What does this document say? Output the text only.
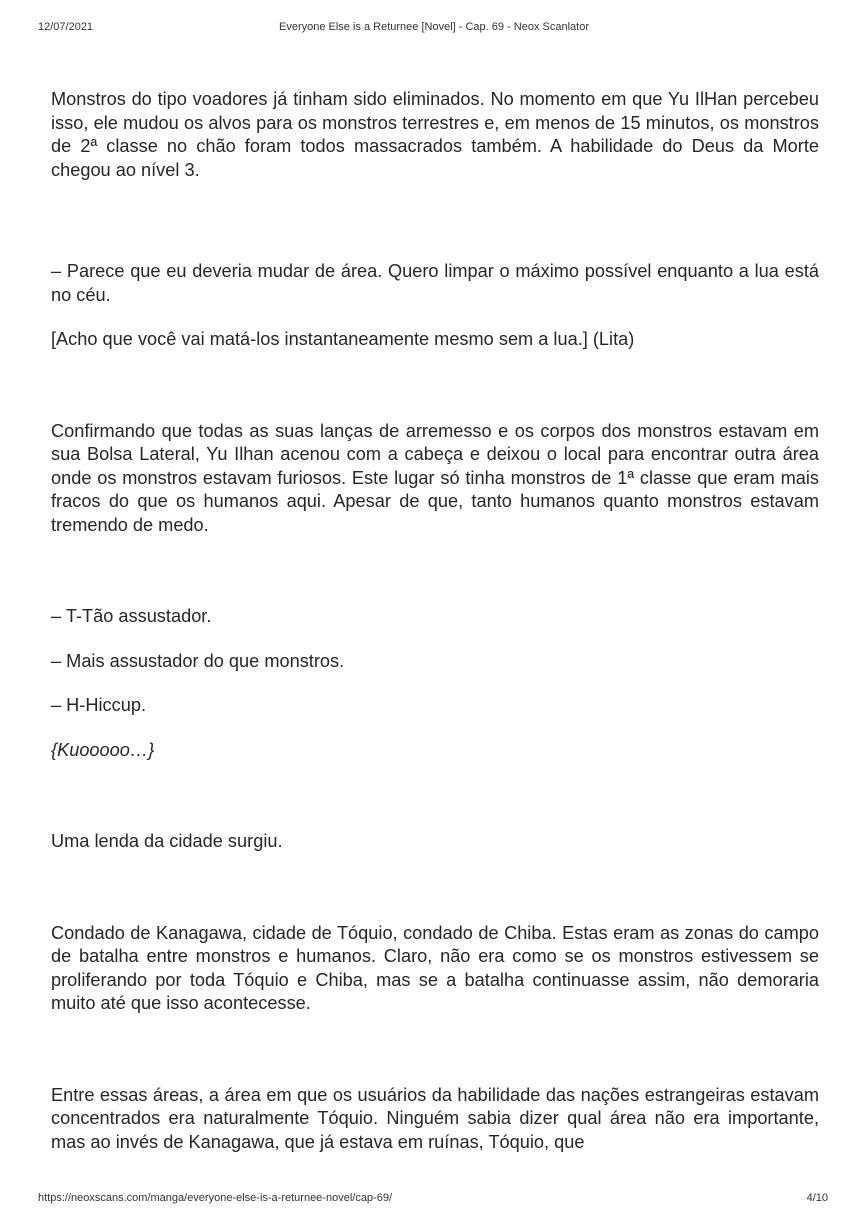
12/07/2021	Everyone Else is a Returnee [Novel] - Cap. 69 - Neox Scanlator

Monstros do tipo voadores já tinham sido eliminados. No momento em que Yu IlHan percebeu isso, ele mudou os alvos para os monstros terrestres e, em menos de 15 minutos, os monstros de 2ª classe no chão foram todos massacrados também. A habilidade do Deus da Morte chegou ao nível 3.

– Parece que eu deveria mudar de área. Quero limpar o máximo possível enquanto a lua está no céu.

[Acho que você vai matá-los instantaneamente mesmo sem a lua.] (Lita)

Confirmando que todas as suas lanças de arremesso e os corpos dos monstros estavam em sua Bolsa Lateral, Yu Ilhan acenou com a cabeça e deixou o local para encontrar outra área onde os monstros estavam furiosos. Este lugar só tinha monstros de 1ª classe que eram mais fracos do que os humanos aqui. Apesar de que, tanto humanos quanto monstros estavam tremendo de medo.

– T-Tão assustador.

– Mais assustador do que monstros.

– H-Hiccup.

{Kuooooo…}

Uma lenda da cidade surgiu.

Condado de Kanagawa, cidade de Tóquio, condado de Chiba. Estas eram as zonas do campo de batalha entre monstros e humanos. Claro, não era como se os monstros estivessem se proliferando por toda Tóquio e Chiba, mas se a batalha continuasse assim, não demoraria muito até que isso acontecesse.

Entre essas áreas, a área em que os usuários da habilidade das nações estrangeiras estavam concentrados era naturalmente Tóquio. Ninguém sabia dizer qual área não era importante, mas ao invés de Kanagawa, que já estava em ruínas, Tóquio, que

https://neoxscans.com/manga/everyone-else-is-a-returnee-novel/cap-69/	4/10
